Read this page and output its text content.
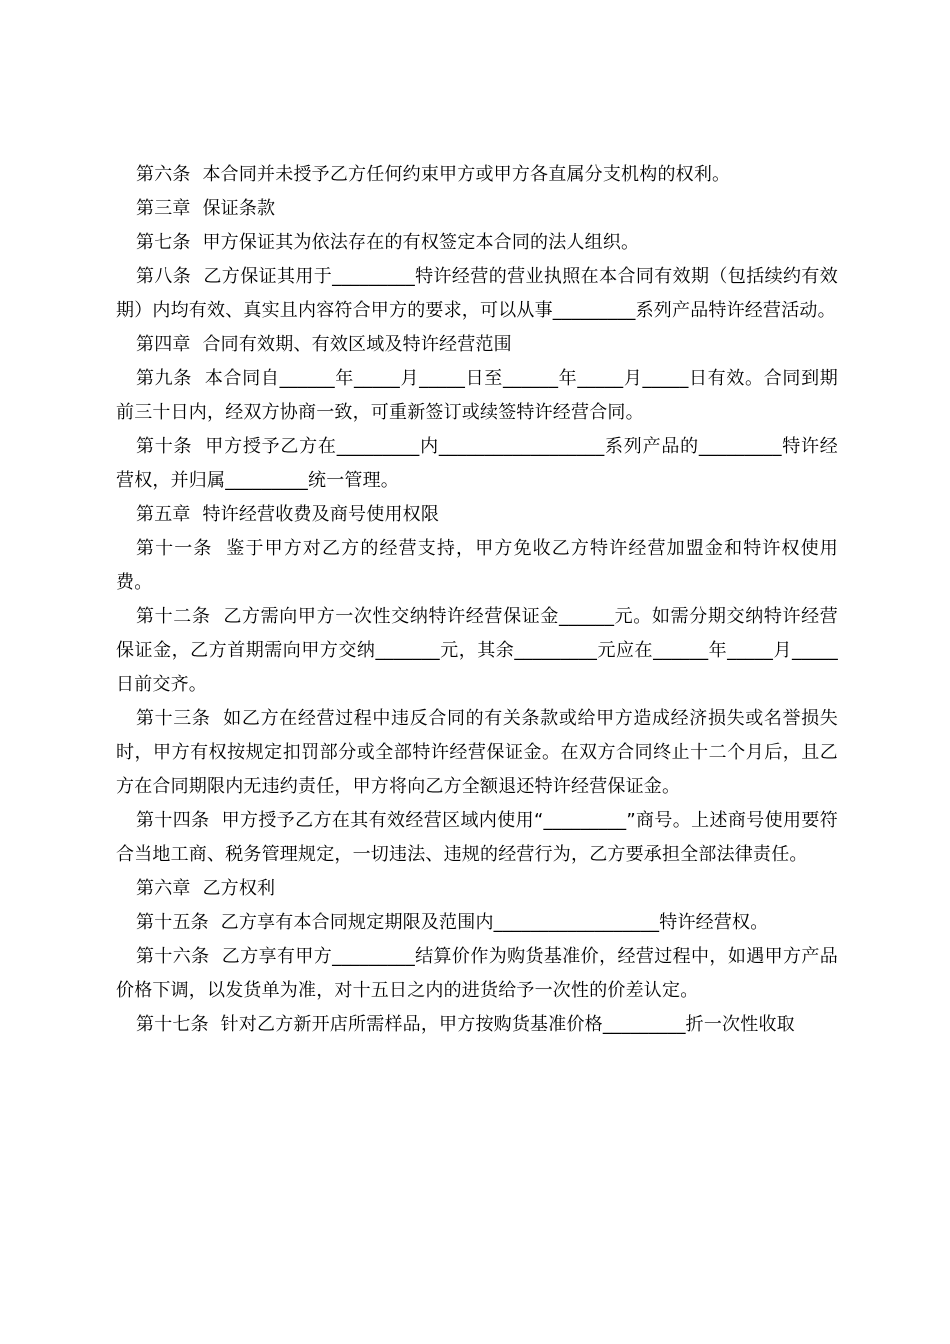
第六条  本合同并未授予乙方任何约束甲方或甲方各直属分支机构的权利。

第三章  保证条款

第七条  甲方保证其为依法存在的有权签定本合同的法人组织。

第八条  乙方保证其用于_________特许经营的营业执照在本合同有效期（包括续约有效期）内均有效、真实且内容符合甲方的要求，可以从事_________系列产品特许经营活动。

第四章  合同有效期、有效区域及特许经营范围

第九条  本合同自______年_____月_____日至______年_____月_____日有效。合同到期前三十日内，经双方协商一致，可重新签订或续签特许经营合同。

第十条  甲方授予乙方在_________内__________________系列产品的_________特许经营权，并归属_________统一管理。

第五章  特许经营收费及商号使用权限

第十一条  鉴于甲方对乙方的经营支持，甲方免收乙方特许经营加盟金和特许权使用费。

第十二条  乙方需向甲方一次性交纳特许经营保证金______元。如需分期交纳特许经营保证金，乙方首期需向甲方交纳_______元，其余_________元应在______年_____月_____日前交齐。

第十三条  如乙方在经营过程中违反合同的有关条款或给甲方造成经济损失或名誉损失时，甲方有权按规定扣罚部分或全部特许经营保证金。在双方合同终止十二个月后，且乙方在合同期限内无违约责任，甲方将向乙方全额退还特许经营保证金。

第十四条  甲方授予乙方在其有效经营区域内使用“_________”商号。上述商号使用要符合当地工商、税务管理规定，一切违法、违规的经营行为，乙方要承担全部法律责任。

第六章  乙方权利

第十五条  乙方享有本合同规定期限及范围内__________________特许经营权。

第十六条  乙方享有甲方_________结算价作为购货基准价，经营过程中，如遇甲方产品价格下调，以发货单为准，对十五日之内的进货给予一次性的价差认定。

第十七条  针对乙方新开店所需样品，甲方按购货基准价格_________折一次性收取
